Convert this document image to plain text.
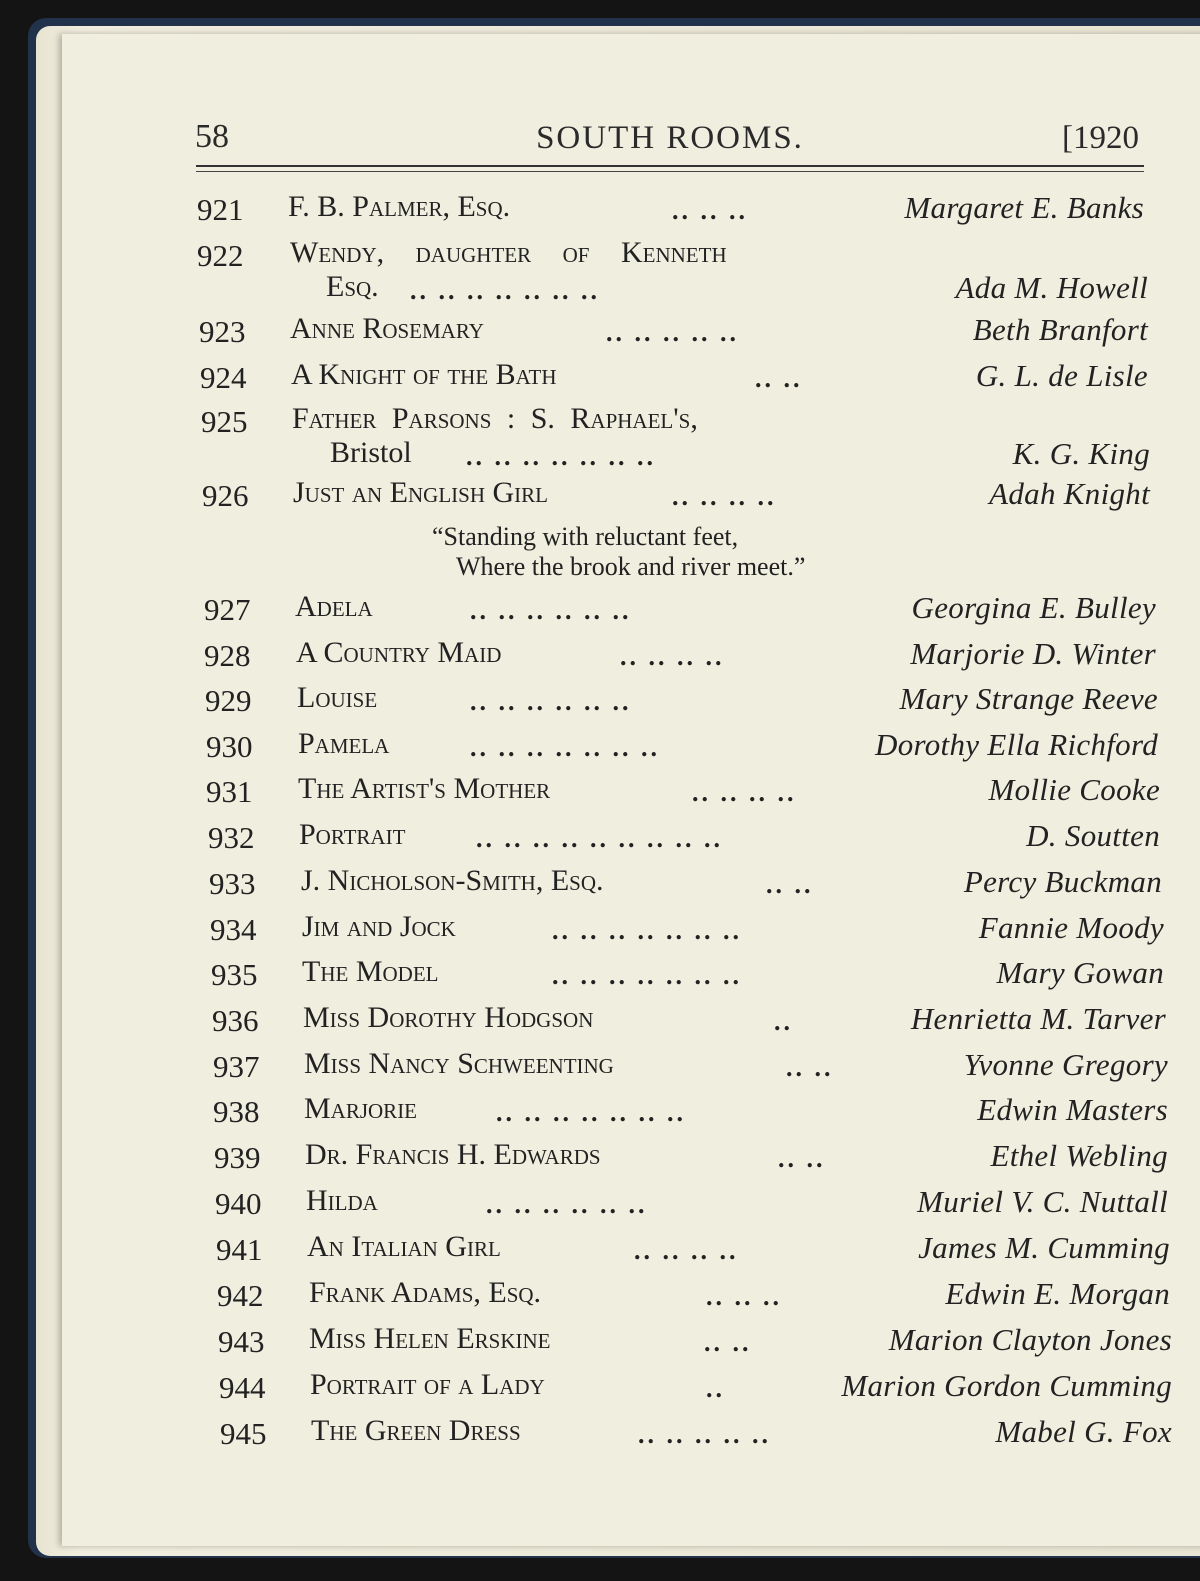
58	SOUTH ROOMS.	[1920
921 F. B. Palmer, Esq.	.. .. ..	Margaret E. Banks
922 Wendy, daughter of Kenneth
Esq. .. .. .. .. .. .. ..	Ada M. Howell
923 Anne Rosemary	.. .. .. .. ..	Beth Branfort
924 A Knight of the Bath	.. ..	G. L. de Lisle
925 Father Parsons : S. Raphael's,
Bristol .. .. .. .. .. .. ..	K. G. King
926 Just an English Girl	.. .. .. ..	Adah Knight
“Standing with reluctant feet,
Where the brook and river meet.”
927 Adela	.. .. .. .. .. ..	Georgina E. Bulley
928 A Country Maid	.. .. .. ..	Marjorie D. Winter
929 Louise	.. .. .. .. .. ..	Mary Strange Reeve
930 Pamela	.. .. .. .. .. .. ..	Dorothy Ella Richford
931 The Artist's Mother	.. .. .. ..	Mollie Cooke
932 Portrait	.. .. .. .. .. .. .. .. ..	D. Soutten
933 J. Nicholson-Smith, Esq.	.. ..	Percy Buckman
934 Jim and Jock	.. .. .. .. .. .. ..	Fannie Moody
935 The Model	.. .. .. .. .. .. ..	Mary Gowan
936 Miss Dorothy Hodgson	..	Henrietta M. Tarver
937 Miss Nancy Schweenting	.. ..	Yvonne Gregory
938 Marjorie	.. .. .. .. .. .. ..	Edwin Masters
939 Dr. Francis H. Edwards	.. ..	Ethel Webling
940 Hilda	.. .. .. .. .. ..	Muriel V. C. Nuttall
941 An Italian Girl	.. .. .. ..	James M. Cumming
942 Frank Adams, Esq.	.. .. ..	Edwin E. Morgan
943 Miss Helen Erskine	.. ..	Marion Clayton Jones
944 Portrait of a Lady	..	Marion Gordon Cumming
945 The Green Dress	.. .. .. .. ..	Mabel G. Fox
